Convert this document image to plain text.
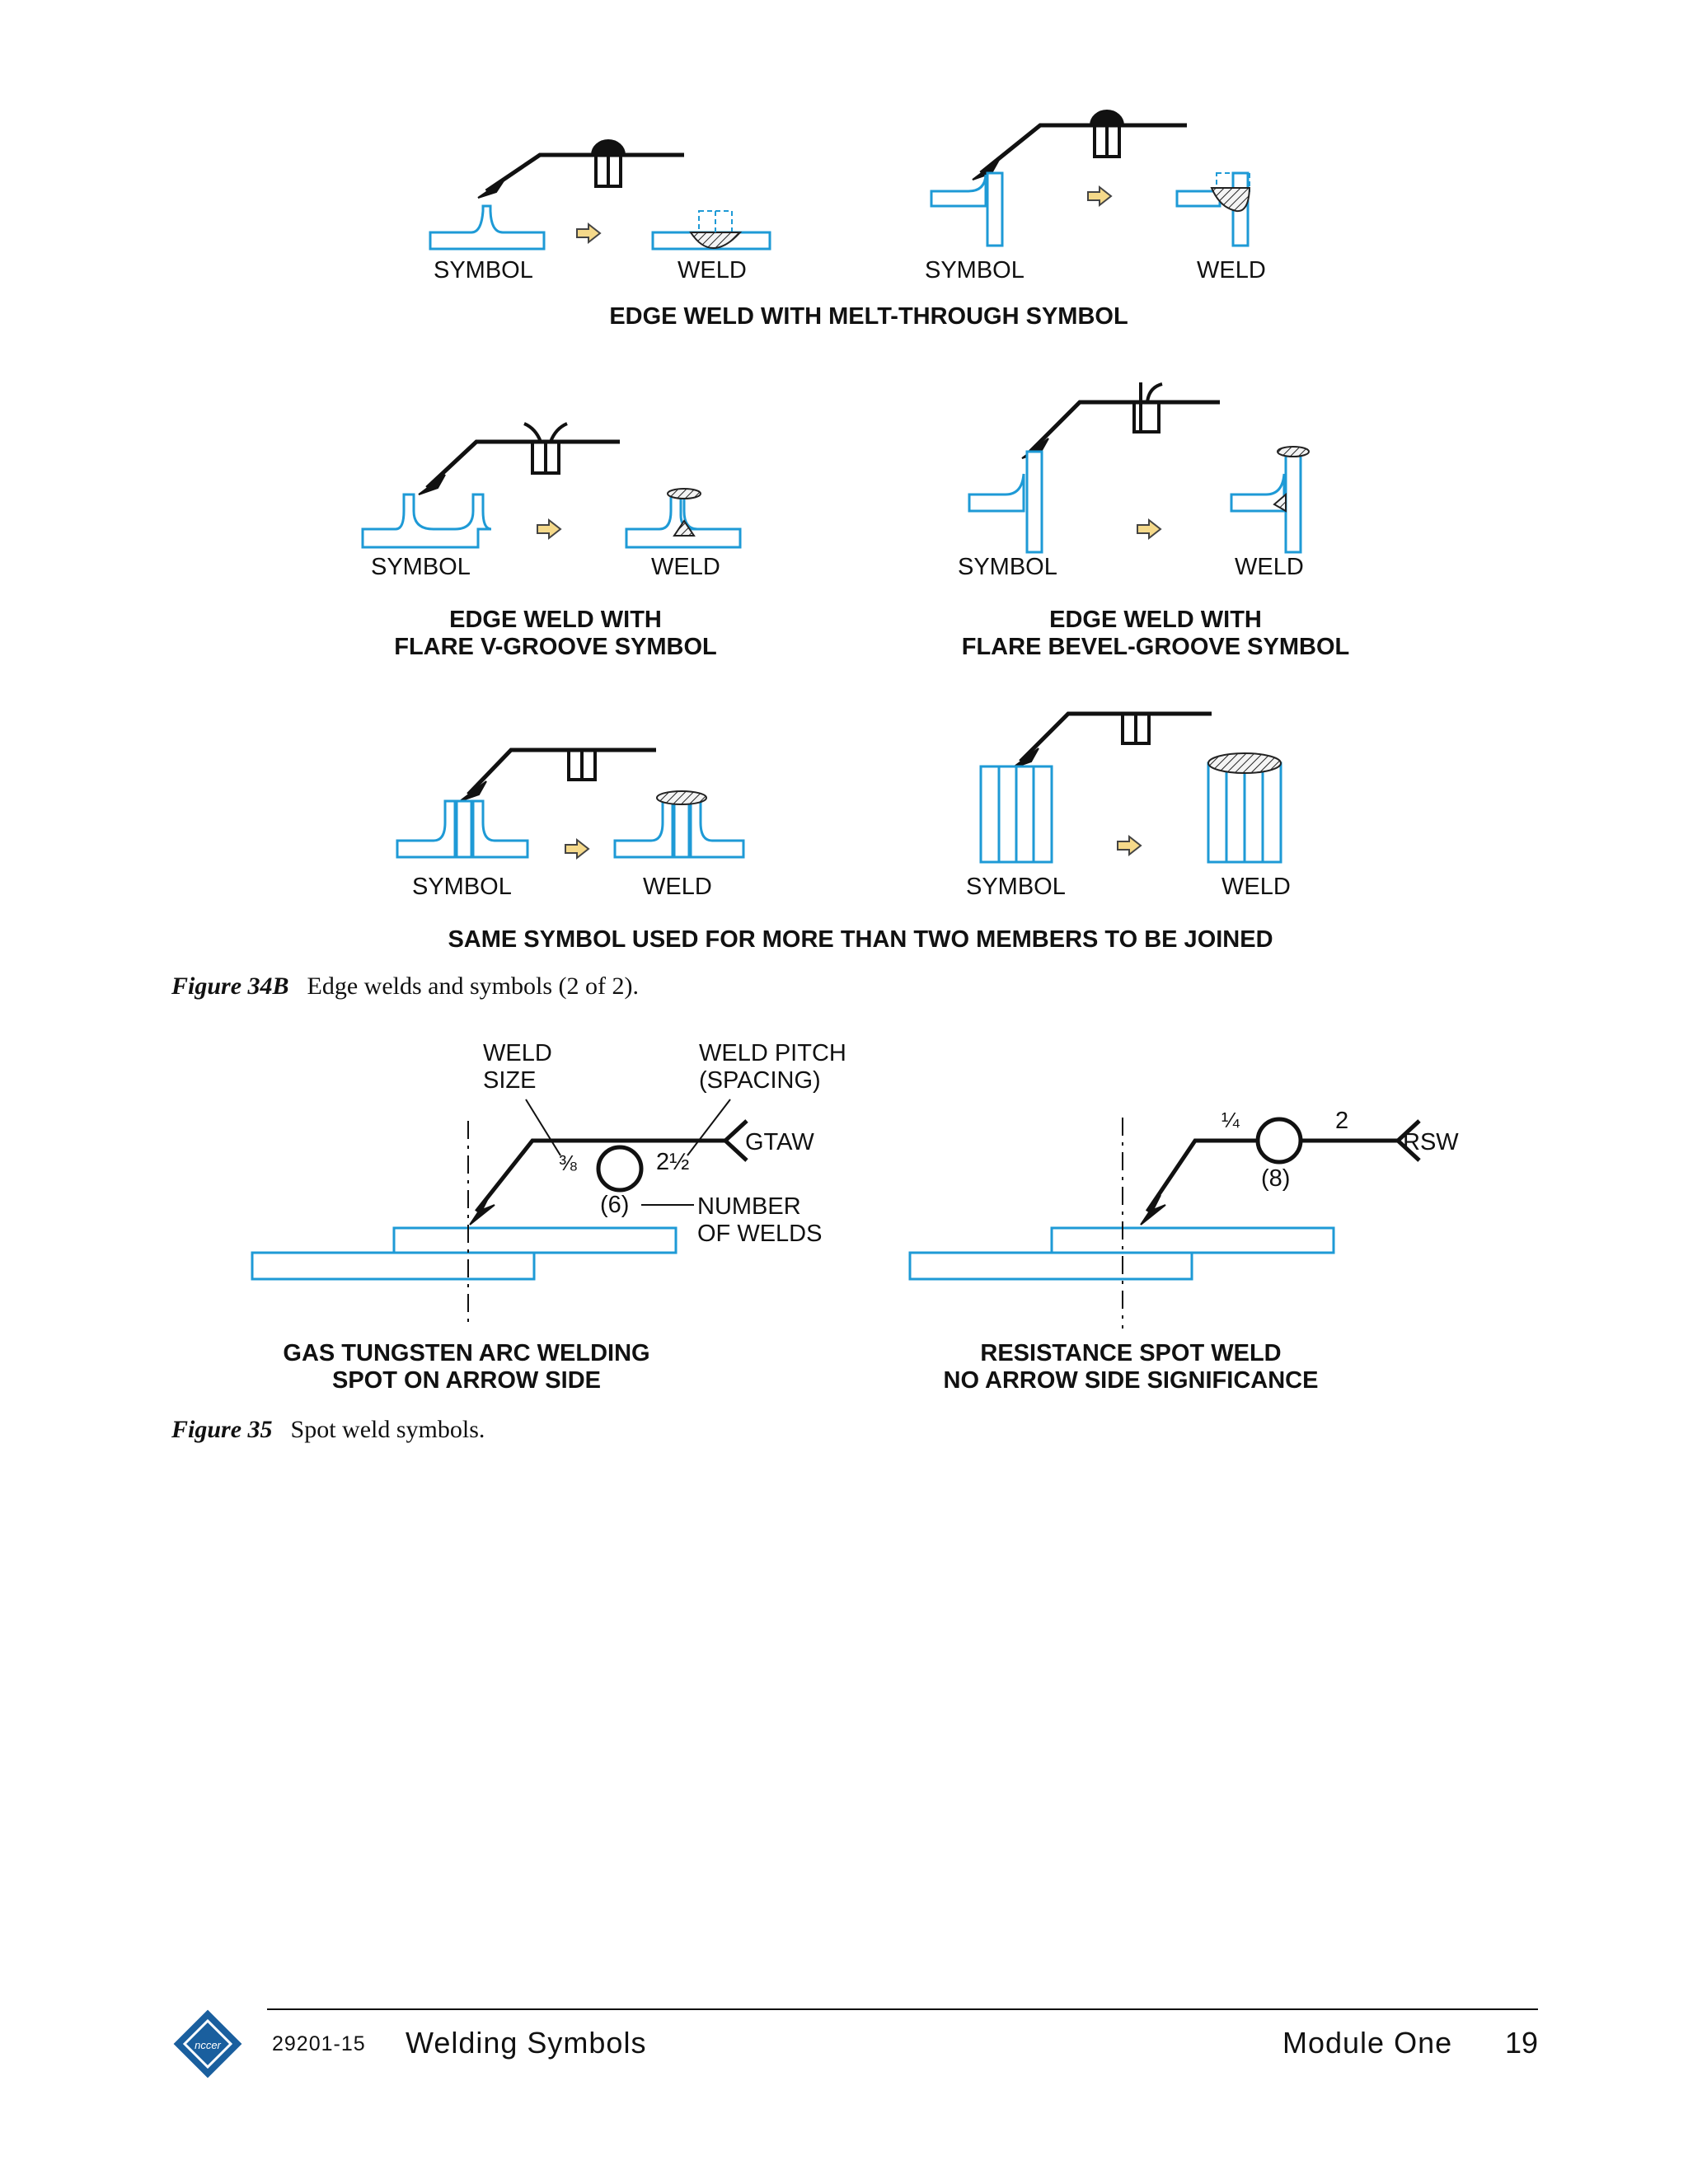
nccer
SYMBOL	WELD	SYMBOL	WELD
EDGE WELD WITH MELT-THROUGH SYMBOL
SYMBOL	WELD	SYMBOL	WELD
EDGE WELD WITH
FLARE V-GROOVE SYMBOL
EDGE WELD WITH
FLARE BEVEL-GROOVE SYMBOL
SYMBOL	WELD	SYMBOL	WELD
SAME SYMBOL USED FOR MORE THAN TWO MEMBERS TO BE JOINED
Figure 34B Edge welds and symbols (2 of 2).
WELD
SIZE
WELD PITCH
(SPACING)
⅜	2½
(6)	NUMBER
OF WELDS
GTAW
GAS TUNGSTEN ARC WELDING
SPOT ON ARROW SIDE
¼	2
(8)
RSW
RESISTANCE SPOT WELD
NO ARROW SIDE SIGNIFICANCE
Figure 35 Spot weld symbols.
29201-15 Welding Symbols	Module One 19
